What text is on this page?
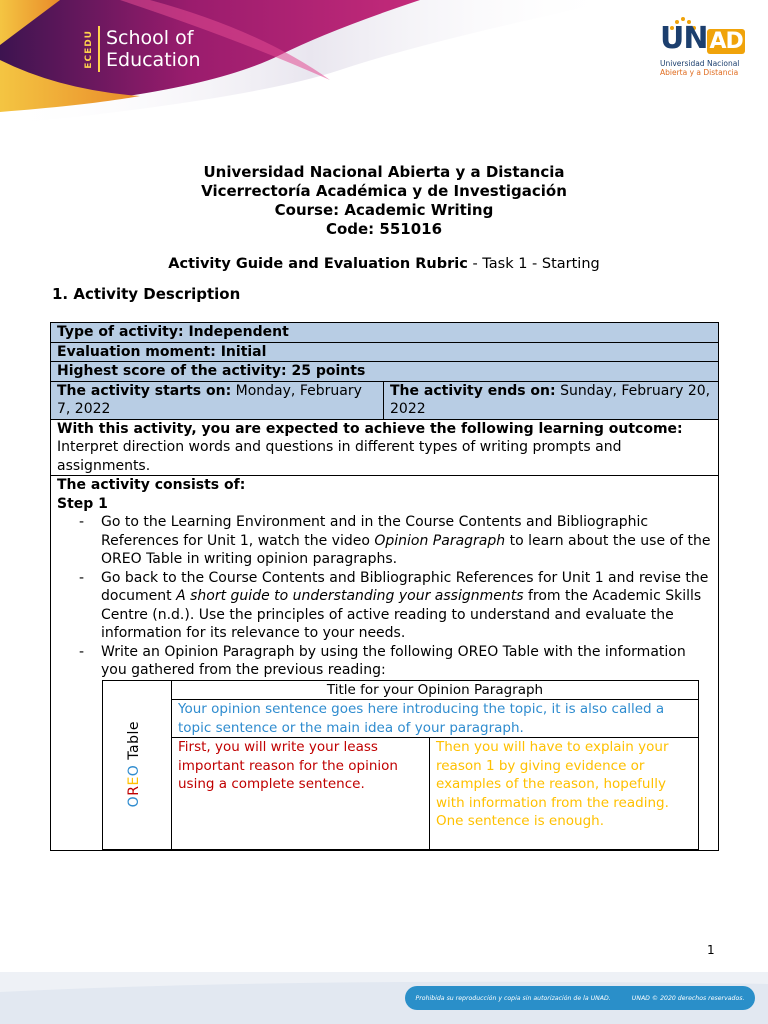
ECEDU School of
Education
UNAD
Universidad Nacional
Abierta y a Distancia
Universidad Nacional Abierta y a Distancia
Vicerrectoría Académica y de Investigación
Course: Academic Writing
Code: 551016
Activity Guide and Evaluation Rubric - Task 1 - Starting
1. Activity Description
Type of activity: Independent
Evaluation moment: Initial
Highest score of the activity: 25 points
The activity starts on: Monday, February 7, 2022	The activity ends on: Sunday, February 20, 2022

With this activity, you are expected to achieve the following learning outcome:
Interpret direction words and questions in different types of writing prompts and assignments.

The activity consists of:
Step 1
- Go to the Learning Environment and in the Course Contents and Bibliographic References for Unit 1, watch the video Opinion Paragraph to learn about the use of the OREO Table in writing opinion paragraphs.
- Go back to the Course Contents and Bibliographic References for Unit 1 and revise the document A short guide to understanding your assignments from the Academic Skills Centre (n.d.). Use the principles of active reading to understand and evaluate the information for its relevance to your needs.
- Write an Opinion Paragraph by using the following OREO Table with the information you gathered from the previous reading:
OREO Table
	Title for your Opinion Paragraph
Your opinion sentence goes here introducing the topic, it is also called a topic sentence or the main idea of your paragraph.
First, you will write your leass important reason for the opinion using a complete sentence.	Then you will have to explain your reason 1 by giving evidence or examples of the reason, hopefully with information from the reading. One sentence is enough.
1
Prohibida su reproducción y copia sin autorización de la UNAD.	UNAD © 2020 derechos reservados.
